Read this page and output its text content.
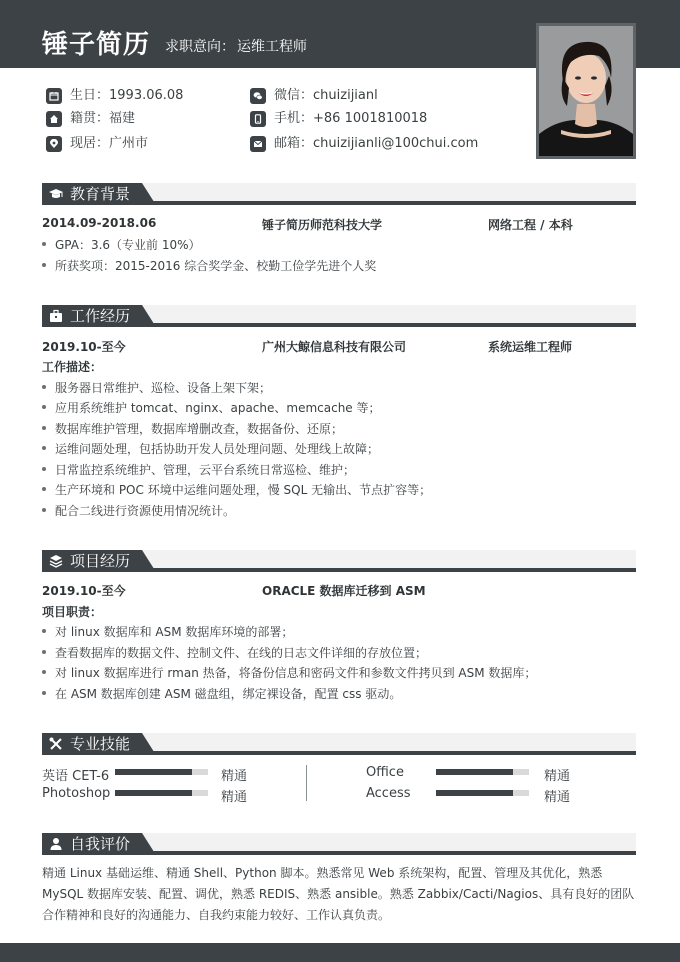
锤子简历 求职意向： 运维工程师
生日： 1993.06.08
籍贯： 福建
现居： 广州市
微信： chuizijianl
手机： +86 1001810018
邮箱： chuizijianli@100chui.com
教育背景
2014.09-2018.06	锤子简历师范科技大学	网络工程 / 本科
GPA：3.6（专业前 10%）
所获奖项：2015-2016 综合奖学金、校勤工俭学先进个人奖
工作经历
2019.10-至今	广州大鲸信息科技有限公司	系统运维工程师
工作描述：
服务器日常维护、巡检、设备上架下架；
应用系统维护 tomcat、nginx、apache、memcache 等；
数据库维护管理，数据库增删改查，数据备份、还原；
运维问题处理，包括协助开发人员处理问题、处理线上故障；
日常监控系统维护、管理，云平台系统日常巡检、维护；
生产环境和 POC 环境中运维问题处理，慢 SQL 无输出、节点扩容等；
配合二线进行资源使用情况统计。
项目经历
2019.10-至今	ORACLE 数据库迁移到 ASM
项目职责：
对 linux 数据库和 ASM 数据库环境的部署；
查看数据库的数据文件、控制文件、在线的日志文件详细的存放位置；
对 linux 数据库进行 rman 热备，将备份信息和密码文件和参数文件拷贝到 ASM 数据库；
在 ASM 数据库创建 ASM 磁盘组，绑定裸设备，配置 css 驱动。
专业技能
英语 CET-6	精通
Photoshop	精通
Office	精通
Access	精通
自我评价
精通 Linux 基础运维、精通 Shell、Python 脚本。熟悉常见 Web 系统架构，配置、管理及其优化，熟悉
MySQL 数据库安装、配置、调优，熟悉 REDIS、熟悉 ansible。熟悉 Zabbix/Cacti/Nagios、具有良好的团队
合作精神和良好的沟通能力、自我约束能力较好、工作认真负责。
